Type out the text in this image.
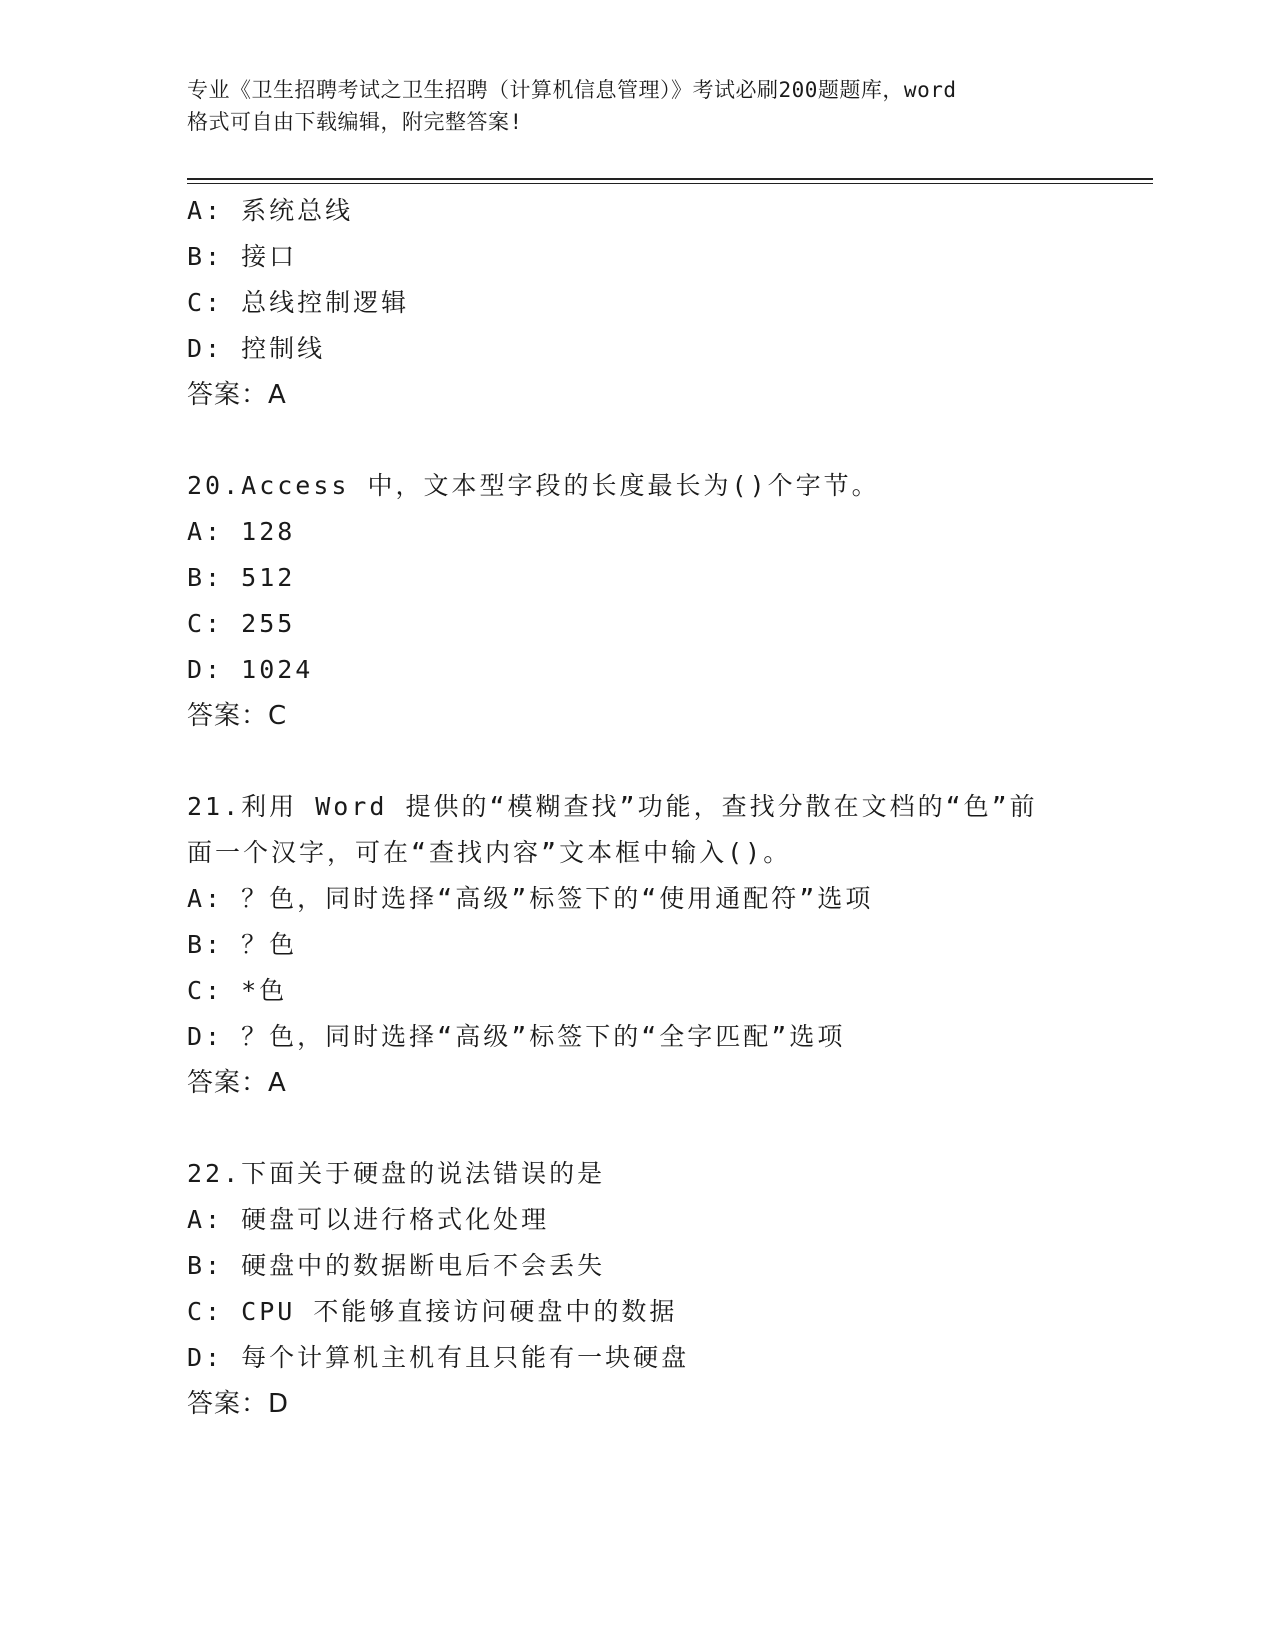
专业《卫生招聘考试之卫生招聘（计算机信息管理）》考试必刷200题题库，word
格式可自由下载编辑，附完整答案!
A: 系统总线
B: 接口
C: 总线控制逻辑
D: 控制线
答案：A
20.Access 中，文本型字段的长度最长为()个字节。
A: 128
B: 512
C: 255
D: 1024
答案：C
21.利用 Word 提供的“模糊查找”功能，查找分散在文档的“色”前
面一个汉字，可在“查找内容”文本框中输入()。
A: ？色，同时选择“高级”标签下的“使用通配符”选项
B: ？色
C: *色
D: ？色，同时选择“高级”标签下的“全字匹配”选项
答案：A
22.下面关于硬盘的说法错误的是
A: 硬盘可以进行格式化处理
B: 硬盘中的数据断电后不会丢失
C: CPU 不能够直接访问硬盘中的数据
D: 每个计算机主机有且只能有一块硬盘
答案：D
